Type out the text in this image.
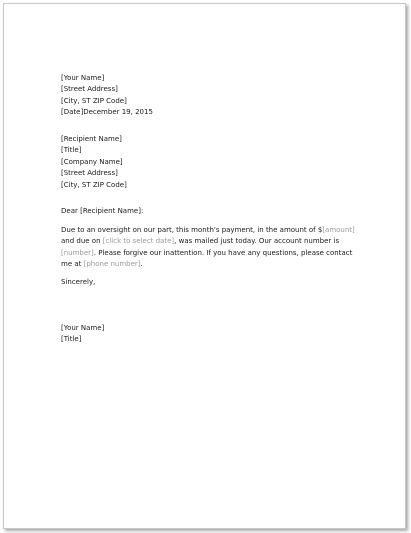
[Your Name]
[Street Address]
[City, ST ZIP Code]
[Date]December 19, 2015
[Recipient Name]
[Title]
[Company Name]
[Street Address]
[City, ST ZIP Code]
Dear [Recipient Name]:
Due to an oversight on our part, this month's payment, in the amount of $[amount] and due on [click to select date], was mailed just today. Our account number is [number]. Please forgive our inattention. If you have any questions, please contact me at [phone number].
Sincerely,
[Your Name]
[Title]
